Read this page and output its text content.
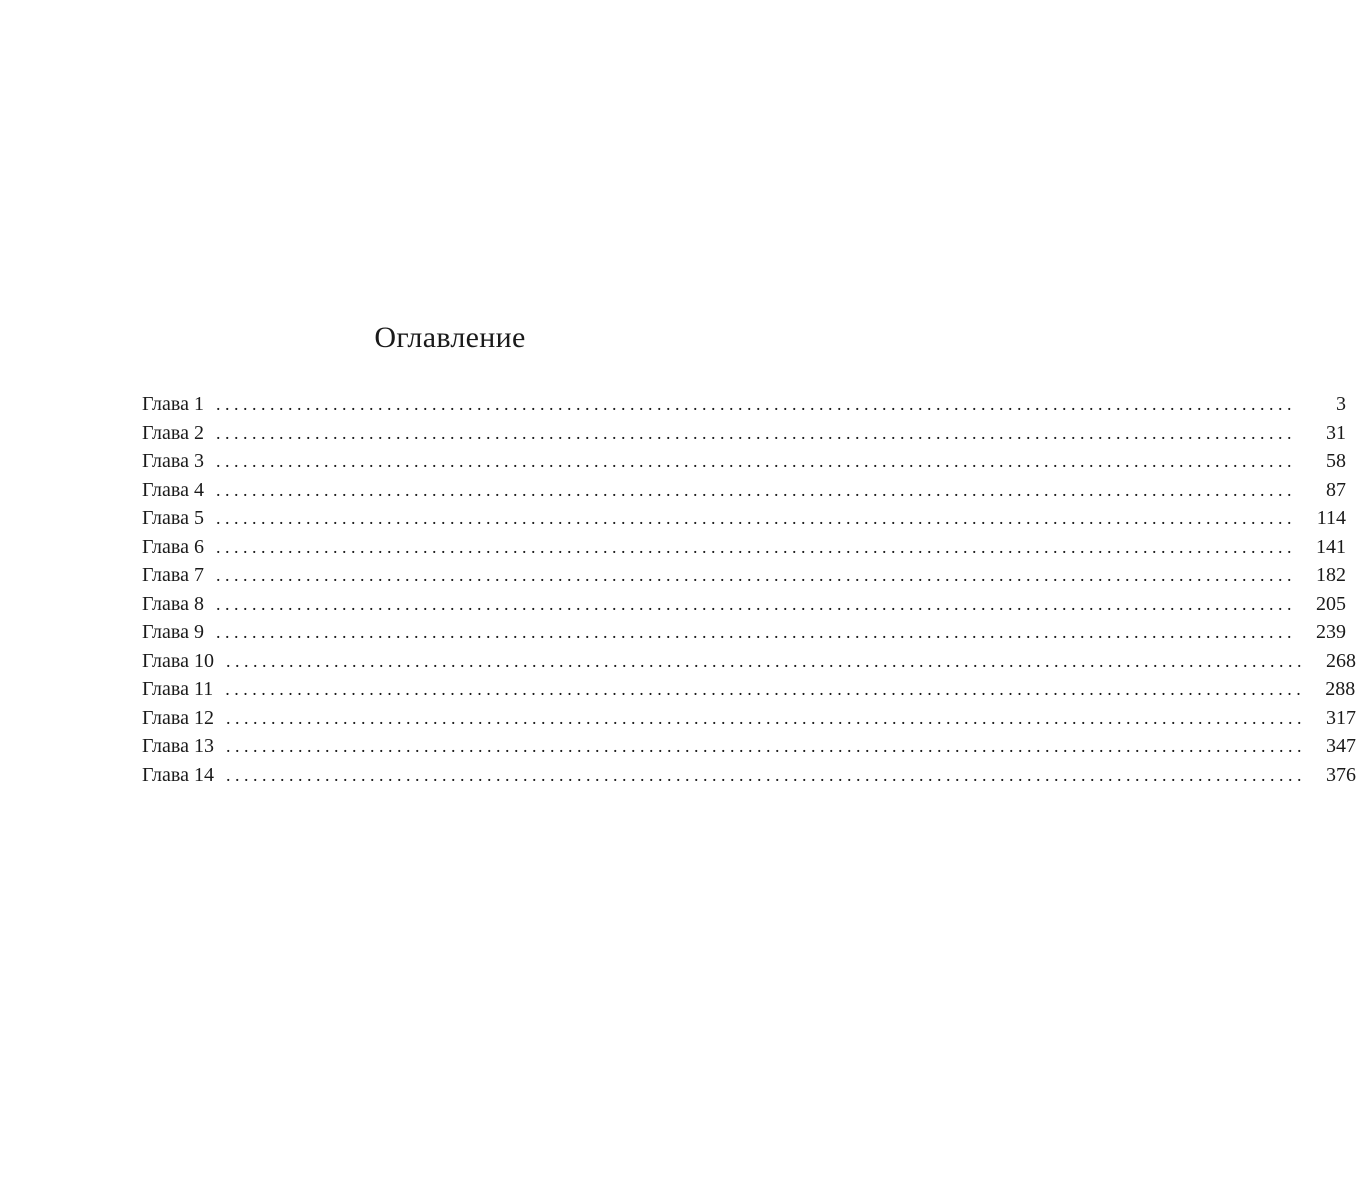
Оглавление
Глава 1 ........................................................................................................................	3
Глава 2 ........................................................................................................................	31
Глава 3 ........................................................................................................................	58
Глава 4 ........................................................................................................................	87
Глава 5 ........................................................................................................................	114
Глава 6 ........................................................................................................................	141
Глава 7 ........................................................................................................................	182
Глава 8 ........................................................................................................................	205
Глава 9 ........................................................................................................................	239
Глава 10 ........................................................................................................................	268
Глава 11 ........................................................................................................................	288
Глава 12 ........................................................................................................................	317
Глава 13 ........................................................................................................................	347
Глава 14 ........................................................................................................................	376
